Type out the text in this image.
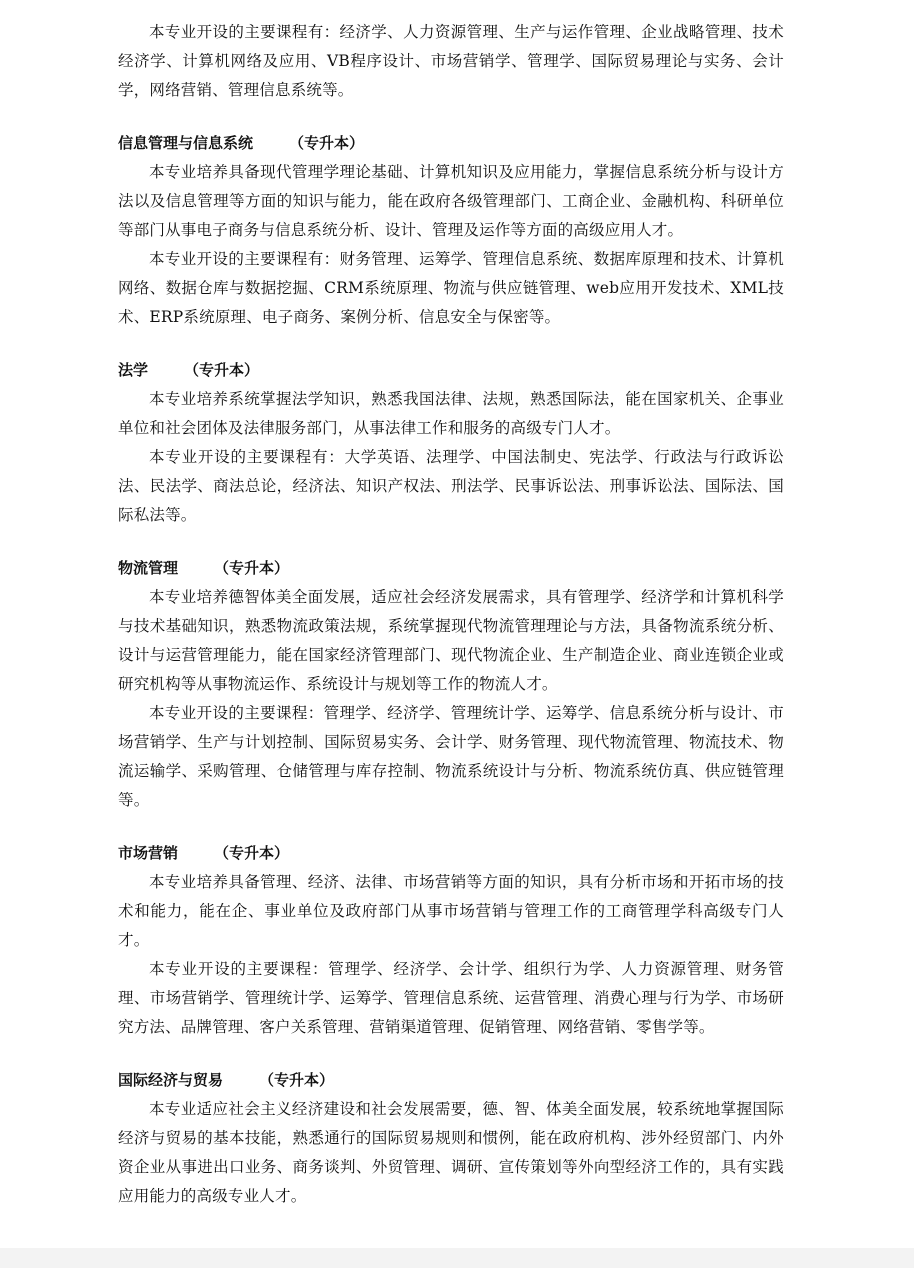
本专业开设的主要课程有：经济学、人力资源管理、生产与运作管理、企业战略管理、技术经济学、计算机网络及应用、VB程序设计、市场营销学、管理学、国际贸易理论与实务、会计学，网络营销、管理信息系统等。

信息管理与信息系统 （专升本）

本专业培养具备现代管理学理论基础、计算机知识及应用能力，掌握信息系统分析与设计方法以及信息管理等方面的知识与能力，能在政府各级管理部门、工商企业、金融机构、科研单位等部门从事电子商务与信息系统分析、设计、管理及运作等方面的高级应用人才。

本专业开设的主要课程有：财务管理、运筹学、管理信息系统、数据库原理和技术、计算机网络、数据仓库与数据挖掘、CRM系统原理、物流与供应链管理、web应用开发技术、XML技术、ERP系统原理、电子商务、案例分析、信息安全与保密等。

法学 （专升本）

本专业培养系统掌握法学知识，熟悉我国法律、法规，熟悉国际法，能在国家机关、企事业单位和社会团体及法律服务部门，从事法律工作和服务的高级专门人才。

本专业开设的主要课程有：大学英语、法理学、中国法制史、宪法学、行政法与行政诉讼法、民法学、商法总论，经济法、知识产权法、刑法学、民事诉讼法、刑事诉讼法、国际法、国际私法等。

物流管理 （专升本）

本专业培养德智体美全面发展，适应社会经济发展需求，具有管理学、经济学和计算机科学与技术基础知识，熟悉物流政策法规，系统掌握现代物流管理理论与方法，具备物流系统分析、设计与运营管理能力，能在国家经济管理部门、现代物流企业、生产制造企业、商业连锁企业或研究机构等从事物流运作、系统设计与规划等工作的物流人才。

本专业开设的主要课程：管理学、经济学、管理统计学、运筹学、信息系统分析与设计、市场营销学、生产与计划控制、国际贸易实务、会计学、财务管理、现代物流管理、物流技术、物流运输学、采购管理、仓储管理与库存控制、物流系统设计与分析、物流系统仿真、供应链管理等。

市场营销 （专升本）

本专业培养具备管理、经济、法律、市场营销等方面的知识，具有分析市场和开拓市场的技术和能力，能在企、事业单位及政府部门从事市场营销与管理工作的工商管理学科高级专门人才。

本专业开设的主要课程：管理学、经济学、会计学、组织行为学、人力资源管理、财务管理、市场营销学、管理统计学、运筹学、管理信息系统、运营管理、消费心理与行为学、市场研究方法、品牌管理、客户关系管理、营销渠道管理、促销管理、网络营销、零售学等。

国际经济与贸易 （专升本）

本专业适应社会主义经济建设和社会发展需要，德、智、体美全面发展，较系统地掌握国际经济与贸易的基本技能，熟悉通行的国际贸易规则和惯例，能在政府机构、涉外经贸部门、内外资企业从事进出口业务、商务谈判、外贸管理、调研、宣传策划等外向型经济工作的，具有实践应用能力的高级专业人才。
